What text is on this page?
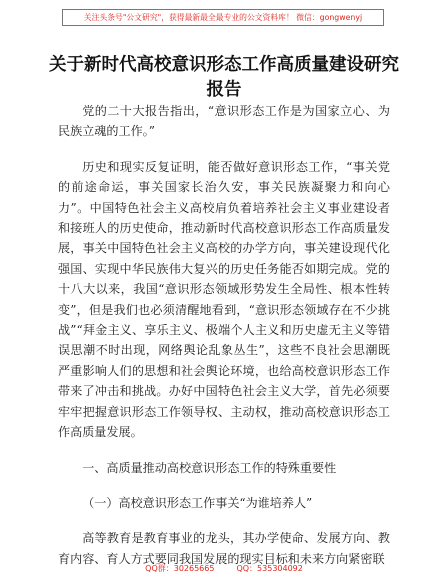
关注头条号"公文研究"，获得最新最全最专业的公文资料库！ 微信：gongwenyj
关于新时代高校意识形态工作高质量建设研究
报告

党的二十大报告指出，“意识形态工作是为国家立心、为民族立魂的工作。”

历史和现实反复证明，能否做好意识形态工作，“事关党的前途命运，事关国家长治久安，事关民族凝聚力和向心力”。中国特色社会主义高校肩负着培养社会主义事业建设者和接班人的历史使命，推动新时代高校意识形态工作高质量发展，事关中国特色社会主义高校的办学方向，事关建设现代化强国、实现中华民族伟大复兴的历史任务能否如期完成。党的十八大以来，我国“意识形态领域形势发生全局性、根本性转变”，但是我们也必须清醒地看到，“意识形态领域存在不少挑战”“拜金主义、享乐主义、极端个人主义和历史虚无主义等错误思潮不时出现，网络舆论乱象丛生”，这些不良社会思潮既严重影响人们的思想和社会舆论环境，也给高校意识形态工作带来了冲击和挑战。办好中国特色社会主义大学，首先必须要牢牢把握意识形态工作领导权、主动权，推动高校意识形态工作高质量发展。

一、高质量推动高校意识形态工作的特殊重要性

（一）高校意识形态工作事关“为谁培养人”

高等教育是教育事业的龙头，其办学使命、发展方向、教育内容、育人方式要同我国发展的现实目标和未来方向紧密联

QQ群：30265665	QQ：535304092
